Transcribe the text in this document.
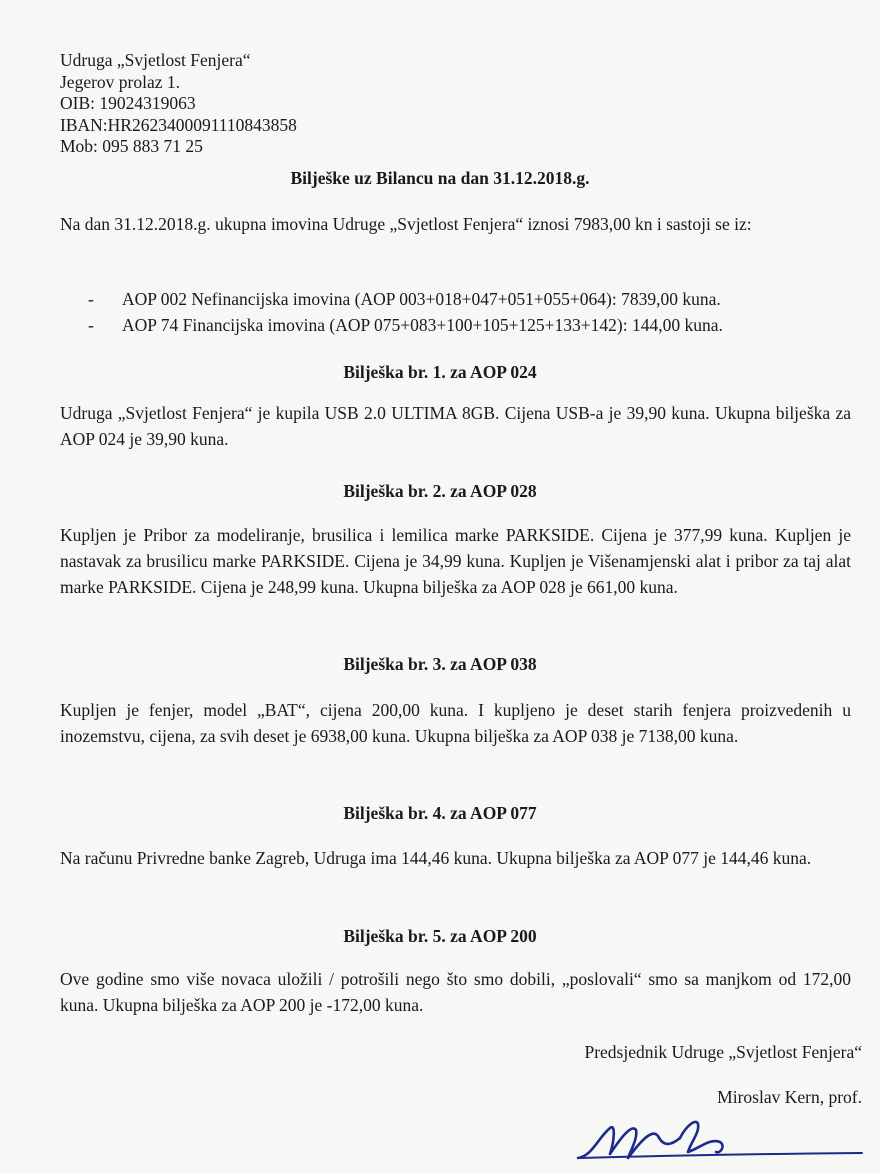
Udruga „Svjetlost Fenjera“
Jegerov prolaz 1.
OIB: 19024319063
IBAN:HR2623400091110843858
Mob: 095 883 71 25
Bilješke uz Bilancu na dan 31.12.2018.g.
Na dan 31.12.2018.g. ukupna imovina Udruge „Svjetlost Fenjera“ iznosi 7983,00 kn i sastoji se iz:
- AOP 002 Nefinancijska imovina (AOP 003+018+047+051+055+064): 7839,00 kuna.
- AOP 74 Financijska imovina (AOP 075+083+100+105+125+133+142): 144,00 kuna.
Bilješka br. 1. za AOP 024
Udruga „Svjetlost Fenjera“ je kupila USB 2.0 ULTIMA 8GB. Cijena USB-a je 39,90 kuna. Ukupna bilješka za AOP 024 je 39,90 kuna.
Bilješka br. 2. za AOP 028
Kupljen je Pribor za modeliranje, brusilica i lemilica marke PARKSIDE. Cijena je 377,99 kuna. Kupljen je nastavak za brusilicu marke PARKSIDE. Cijena je 34,99 kuna. Kupljen je Višenamjenski alat i pribor za taj alat marke PARKSIDE. Cijena je 248,99 kuna. Ukupna bilješka za AOP 028 je 661,00 kuna.
Bilješka br. 3. za AOP 038
Kupljen je fenjer, model „BAT“, cijena 200,00 kuna. I kupljeno je deset starih fenjera proizvedenih u inozemstvu, cijena, za svih deset je 6938,00 kuna. Ukupna bilješka za AOP 038 je 7138,00 kuna.
Bilješka br. 4. za AOP 077
Na računu Privredne banke Zagreb, Udruga ima 144,46 kuna. Ukupna bilješka za AOP 077 je 144,46 kuna.
Bilješka br. 5. za AOP 200
Ove godine smo više novaca uložili / potrošili nego što smo dobili, „poslovali“ smo sa manjkom od 172,00 kuna. Ukupna bilješka za AOP 200 je -172,00 kuna.
Predsjednik Udruge „Svjetlost Fenjera“
Miroslav Kern, prof.
